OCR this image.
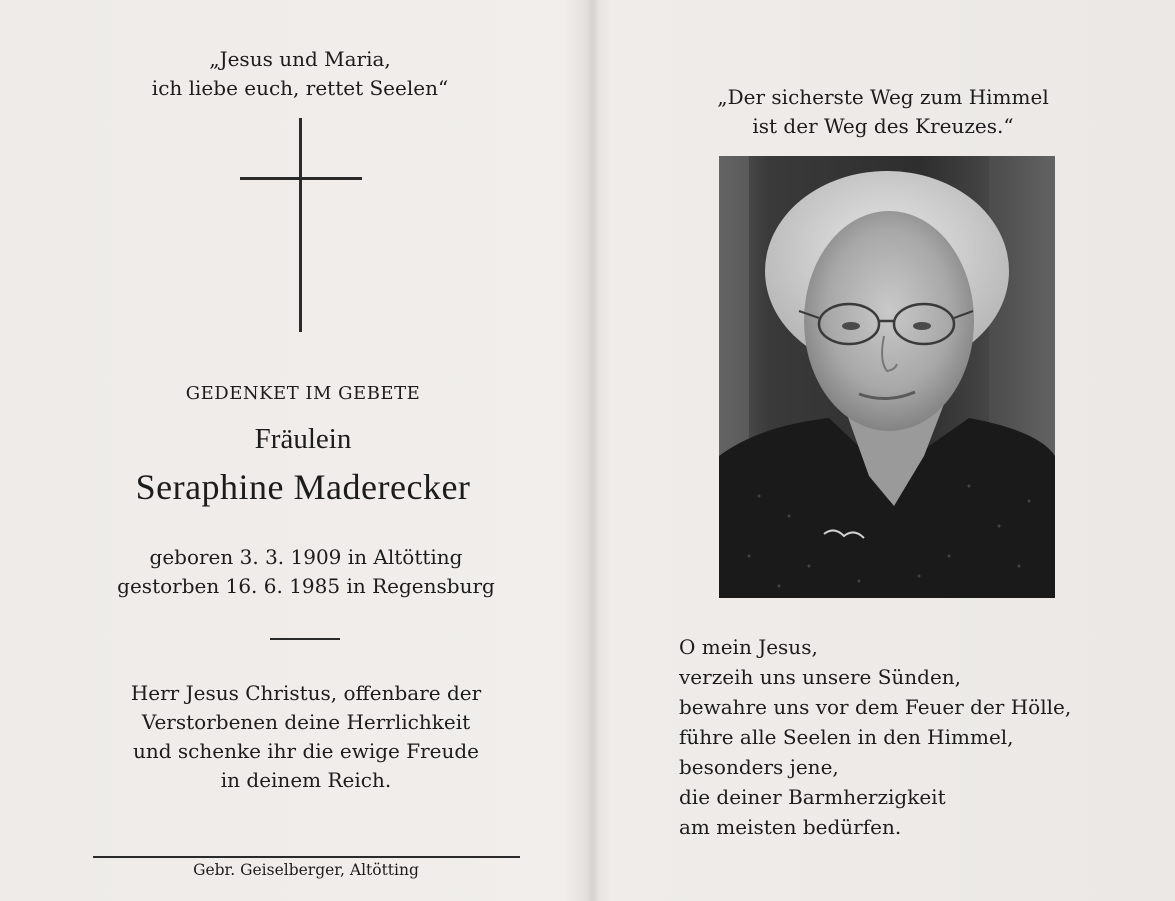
„Jesus und Maria,
ich liebe euch, rettet Seelen“
GEDENKET IM GEBETE
Fräulein
Seraphine Maderecker
geboren 3. 3. 1909 in Altötting
gestorben 16. 6. 1985 in Regensburg
Herr Jesus Christus, offenbare der
Verstorbenen deine Herrlichkeit
und schenke ihr die ewige Freude
in deinem Reich.
Gebr. Geiselberger, Altötting
„Der sicherste Weg zum Himmel
ist der Weg des Kreuzes.“
O mein Jesus,
verzeih uns unsere Sünden,
bewahre uns vor dem Feuer der Hölle,
führe alle Seelen in den Himmel,
besonders jene,
die deiner Barmherzigkeit
am meisten bedürfen.
